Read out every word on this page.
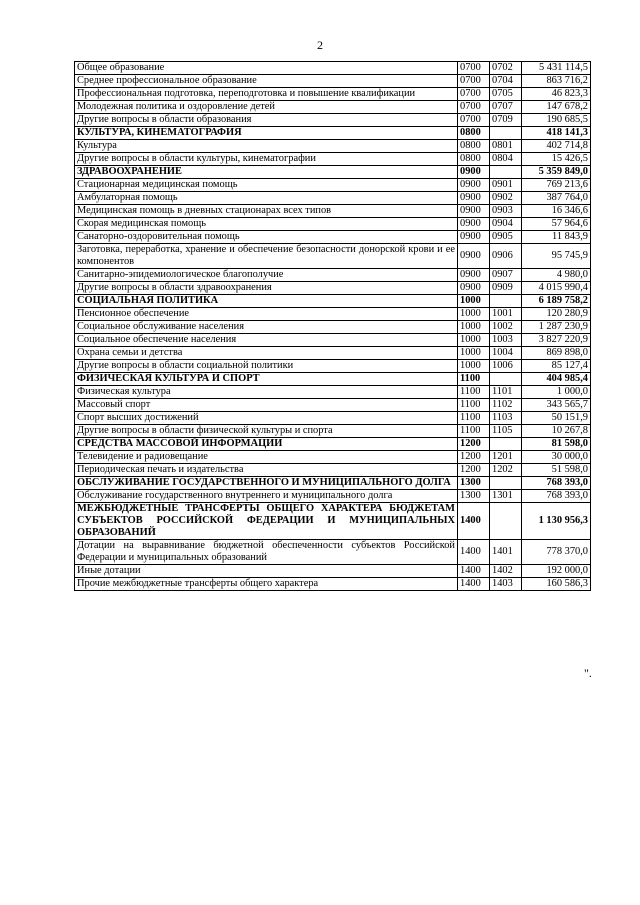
2
Общее образование	0700	0702	5 431 114,5
Среднее профессиональное образование	0700	0704	863 716,2
Профессиональная подготовка, переподготовка и повышение квалификации	0700	0705	46 823,3
Молодежная политика и оздоровление детей	0700	0707	147 678,2
Другие вопросы в области образования	0700	0709	190 685,5
КУЛЬТУРА, КИНЕМАТОГРАФИЯ	0800		418 141,3
Культура	0800	0801	402 714,8
Другие вопросы в области культуры, кинематографии	0800	0804	15 426,5
ЗДРАВООХРАНЕНИЕ	0900		5 359 849,0
Стационарная медицинская помощь	0900	0901	769 213,6
Амбулаторная помощь	0900	0902	387 764,0
Медицинская помощь в дневных стационарах всех типов	0900	0903	16 346,6
Скорая медицинская помощь	0900	0904	57 964,6
Санаторно-оздоровительная помощь	0900	0905	11 843,9
Заготовка, переработка, хранение и обеспечение безопасности донорской крови и ее компонентов	0900	0906	95 745,9
Санитарно-эпидемиологическое благополучие	0900	0907	4 980,0
Другие вопросы в области здравоохранения	0900	0909	4 015 990,4
СОЦИАЛЬНАЯ ПОЛИТИКА	1000		6 189 758,2
Пенсионное обеспечение	1000	1001	120 280,9
Социальное обслуживание населения	1000	1002	1 287 230,9
Социальное обеспечение населения	1000	1003	3 827 220,9
Охрана семьи и детства	1000	1004	869 898,0
Другие вопросы в области социальной политики	1000	1006	85 127,4
ФИЗИЧЕСКАЯ КУЛЬТУРА И СПОРТ	1100		404 985,4
Физическая культура	1100	1101	1 000,0
Массовый спорт	1100	1102	343 565,7
Спорт высших достижений	1100	1103	50 151,9
Другие вопросы в области физической культуры и спорта	1100	1105	10 267,8
СРЕДСТВА МАССОВОЙ ИНФОРМАЦИИ	1200		81 598,0
Телевидение и радиовещание	1200	1201	30 000,0
Периодическая печать и издательства	1200	1202	51 598,0
ОБСЛУЖИВАНИЕ ГОСУДАРСТВЕННОГО И МУНИЦИПАЛЬНОГО ДОЛГА	1300		768 393,0
Обслуживание государственного внутреннего и муниципального долга	1300	1301	768 393,0
МЕЖБЮДЖЕТНЫЕ ТРАНСФЕРТЫ ОБЩЕГО ХАРАКТЕРА БЮДЖЕТАМ СУБЪЕКТОВ РОССИЙСКОЙ ФЕДЕРАЦИИ И МУНИЦИПАЛЬНЫХ ОБРАЗОВАНИЙ	1400		1 130 956,3
Дотации на выравнивание бюджетной обеспеченности субъектов Российской Федерации и муниципальных образований	1400	1401	778 370,0
Иные дотации	1400	1402	192 000,0
Прочие межбюджетные трансферты общего характера	1400	1403	160 586,3
".
